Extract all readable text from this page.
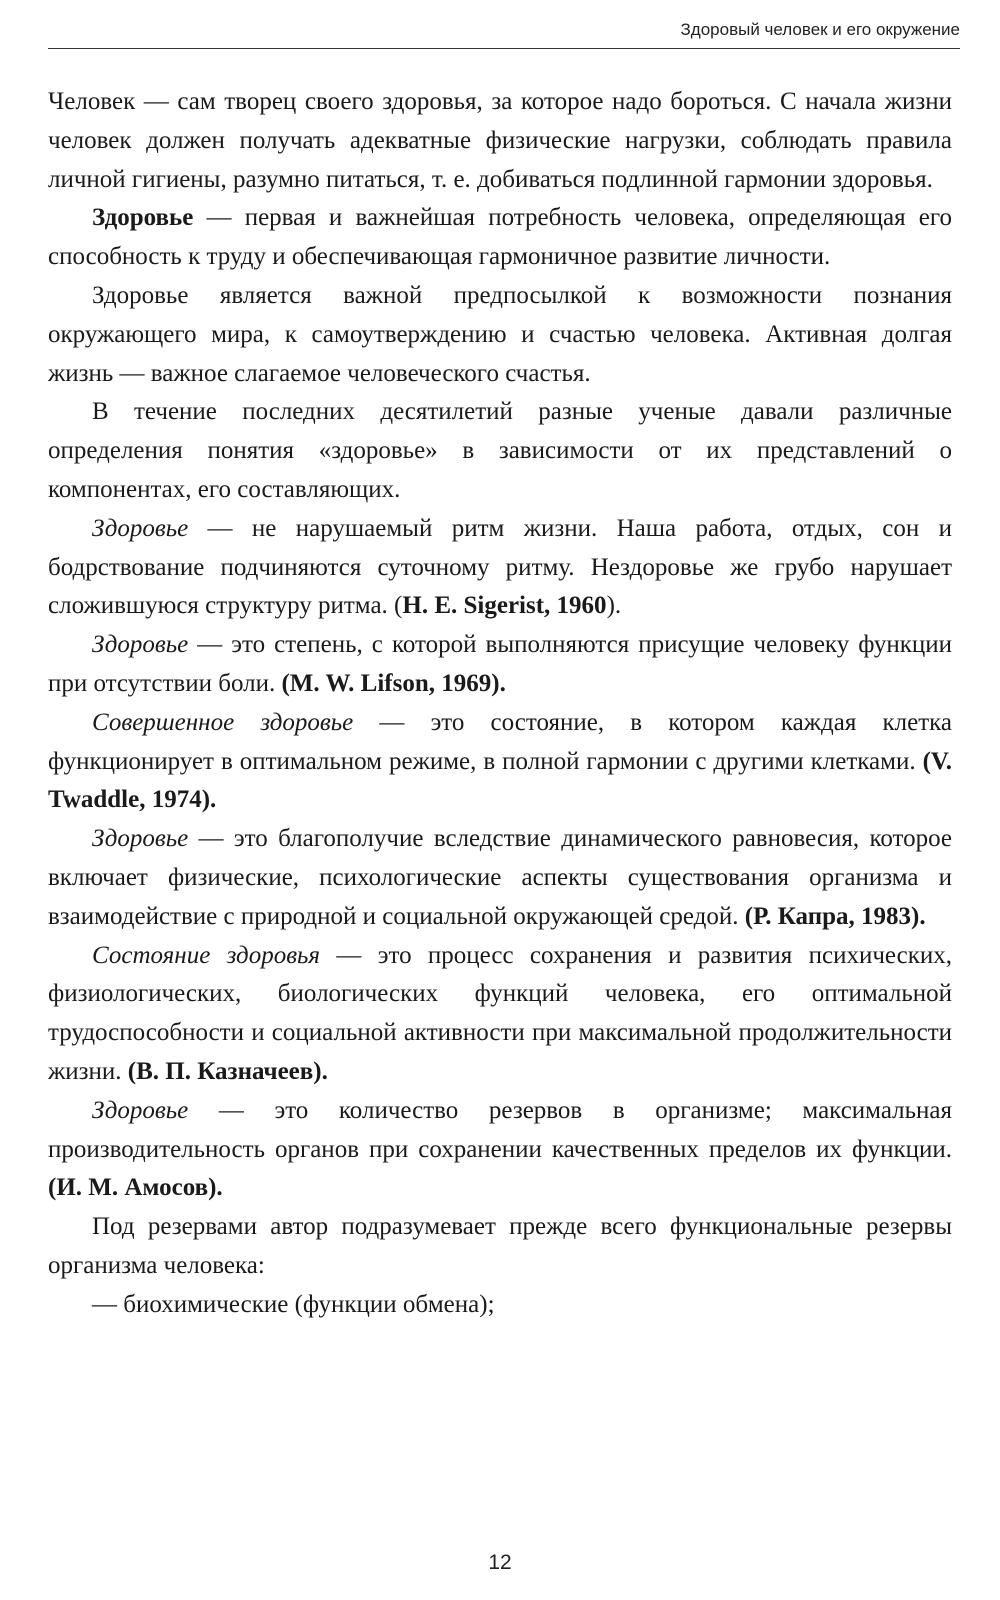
Здоровый человек и его окружение

Человек — сам творец своего здоровья, за которое надо бороться. С начала жизни человек должен получать адекватные физические нагрузки, соблюдать правила личной гигиены, разумно питаться, т. е. добиваться подлинной гармонии здоровья.

Здоровье — первая и важнейшая потребность человека, определяющая его способность к труду и обеспечивающая гармоничное развитие личности.

Здоровье является важной предпосылкой к возможности познания окружающего мира, к самоутверждению и счастью человека. Активная долгая жизнь — важное слагаемое человеческого счастья.

В течение последних десятилетий разные ученые давали различные определения понятия «здоровье» в зависимости от их представлений о компонентах, его составляющих.

Здоровье — не нарушаемый ритм жизни. Наша работа, отдых, сон и бодрствование подчиняются суточному ритму. Нездоровье же грубо нарушает сложившуюся структуру ритма. (H. E. Sigerist, 1960).

Здоровье — это степень, с которой выполняются присущие человеку функции при отсутствии боли. (M. W. Lifson, 1969).

Совершенное здоровье — это состояние, в котором каждая клетка функционирует в оптимальном режиме, в полной гармонии с другими клетками. (V. Twaddle, 1974).

Здоровье — это благополучие вследствие динамического равновесия, которое включает физические, психологические аспекты существования организма и взаимодействие с природной и социальной окружающей средой. (Р. Капра, 1983).

Состояние здоровья — это процесс сохранения и развития психических, физиологических, биологических функций человека, его оптимальной трудоспособности и социальной активности при максимальной продолжительности жизни. (В. П. Казначеев).

Здоровье — это количество резервов в организме; максимальная производительность органов при сохранении качественных пределов их функции. (И. М. Амосов).

Под резервами автор подразумевает прежде всего функциональные резервы организма человека:

— биохимические (функции обмена);

12
